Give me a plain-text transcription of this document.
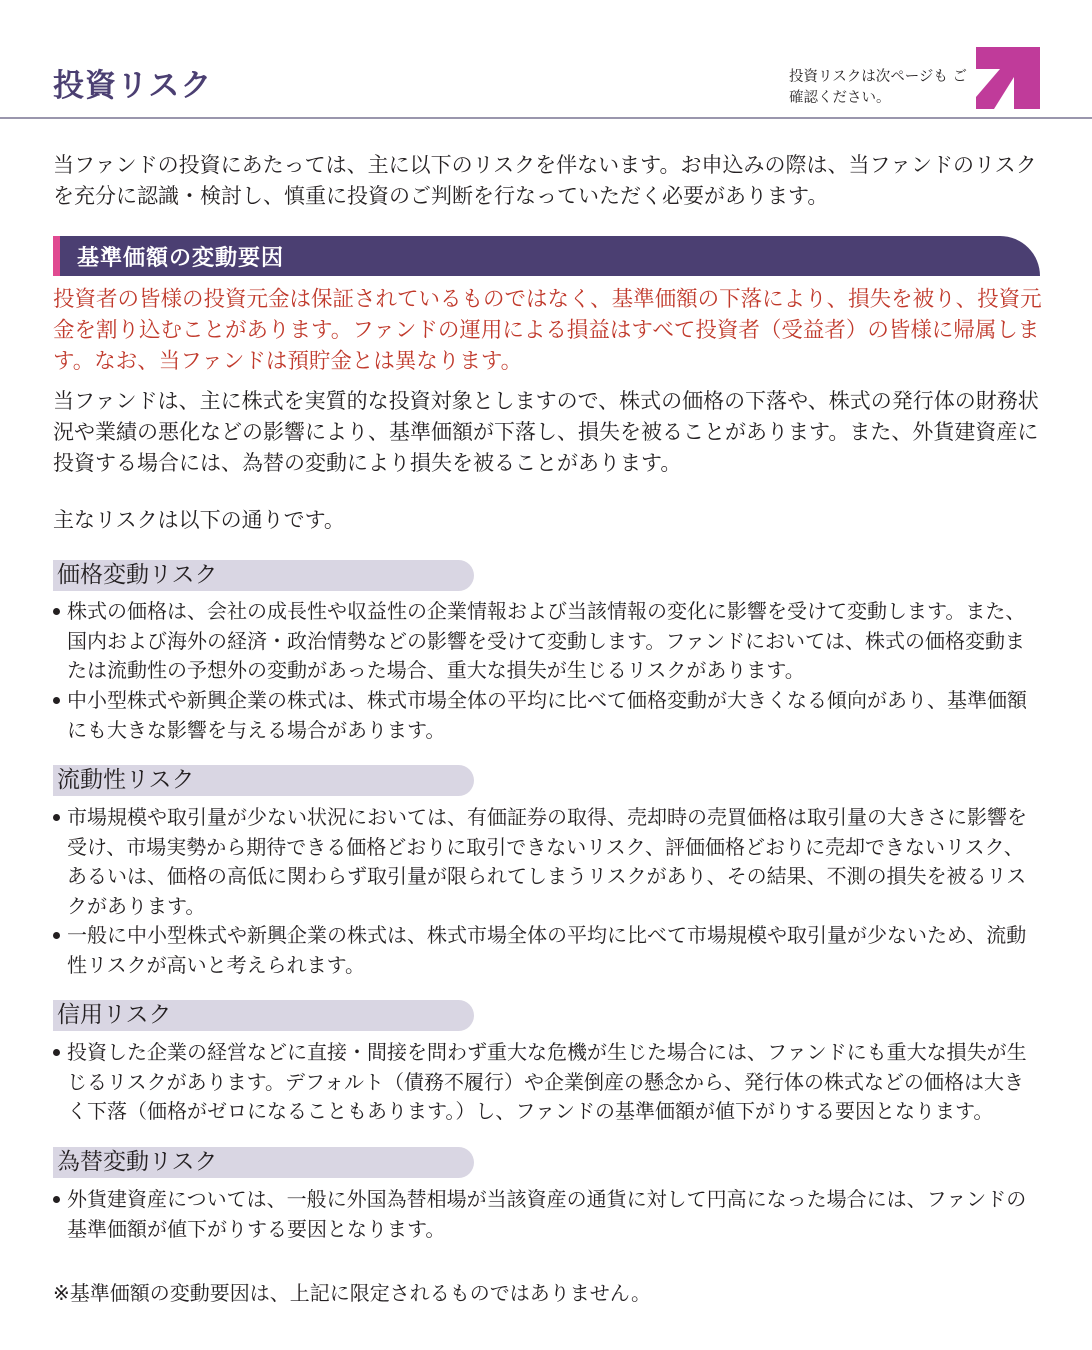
投資リスク	投資リスクは次ページも ご確認ください。
当ファンドの投資にあたっては、主に以下のリスクを伴ないます。お申込みの際は、当ファンドのリスクを充分に認識・検討し、慎重に投資のご判断を行なっていただく必要があります。
基準価額の変動要因
投資者の皆様の投資元金は保証されているものではなく、基準価額の下落により、損失を被り、投資元金を割り込むことがあります。ファンドの運用による損益はすべて投資者（受益者）の皆様に帰属します。なお、当ファンドは預貯金とは異なります。
当ファンドは、主に株式を実質的な投資対象としますので、株式の価格の下落や、株式の発行体の財務状況や業績の悪化などの影響により、基準価額が下落し、損失を被ることがあります。また、外貨建資産に投資する場合には、為替の変動により損失を被ることがあります。
主なリスクは以下の通りです。
価格変動リスク
株式の価格は、会社の成長性や収益性の企業情報および当該情報の変化に影響を受けて変動します。また、国内および海外の経済・政治情勢などの影響を受けて変動します。ファンドにおいては、株式の価格変動または流動性の予想外の変動があった場合、重大な損失が生じるリスクがあります。
中小型株式や新興企業の株式は、株式市場全体の平均に比べて価格変動が大きくなる傾向があり、基準価額にも大きな影響を与える場合があります。
流動性リスク
市場規模や取引量が少ない状況においては、有価証券の取得、売却時の売買価格は取引量の大きさに影響を受け、市場実勢から期待できる価格どおりに取引できないリスク、評価価格どおりに売却できないリスク、あるいは、価格の高低に関わらず取引量が限られてしまうリスクがあり、その結果、不測の損失を被るリスクがあります。
一般に中小型株式や新興企業の株式は、株式市場全体の平均に比べて市場規模や取引量が少ないため、流動性リスクが高いと考えられます。
信用リスク
投資した企業の経営などに直接・間接を問わず重大な危機が生じた場合には、ファンドにも重大な損失が生じるリスクがあります。デフォルト（債務不履行）や企業倒産の懸念から、発行体の株式などの価格は大きく下落（価格がゼロになることもあります。）し、ファンドの基準価額が値下がりする要因となります。
為替変動リスク
外貨建資産については、一般に外国為替相場が当該資産の通貨に対して円高になった場合には、ファンドの基準価額が値下がりする要因となります。
※基準価額の変動要因は、上記に限定されるものではありません。
